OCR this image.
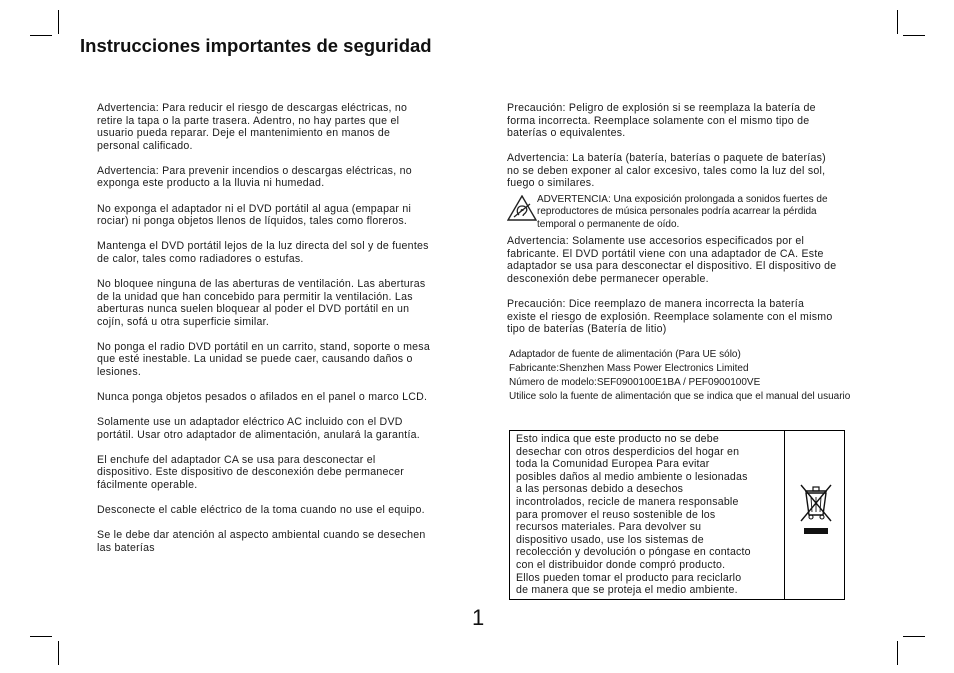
Instrucciones importantes de seguridad

Advertencia: Para reducir el riesgo de descargas eléctricas, no
retire la tapa o la parte trasera. Adentro, no hay partes que el
usuario pueda reparar. Deje el mantenimiento en manos de
personal calificado.

Advertencia: Para prevenir incendios o descargas eléctricas, no
exponga este producto a la lluvia ni humedad.

No exponga el adaptador ni el DVD portátil al agua (empapar ni
rociar) ni ponga objetos llenos de líquidos, tales como floreros.

Mantenga el DVD portátil lejos de la luz directa del sol y de fuentes
de calor, tales como radiadores o estufas.

No bloquee ninguna de las aberturas de ventilación. Las aberturas
de la unidad que han concebido para permitir la ventilación. Las
aberturas nunca suelen bloquear al poder el DVD portátil en un
cojín, sofá u otra superficie similar.

No ponga el radio DVD portátil en un carrito, stand, soporte o mesa
que esté inestable. La unidad se puede caer, causando daños o
lesiones.

Nunca ponga objetos pesados o afilados en el panel o marco LCD.

Solamente use un adaptador eléctrico AC incluido con el DVD
portátil. Usar otro adaptador de alimentación, anulará la garantía.

El enchufe del adaptador CA se usa para desconectar el
dispositivo. Este dispositivo de desconexión debe permanecer
fácilmente operable.

Desconecte el cable eléctrico de la toma cuando no use el equipo.

Se le debe dar atención al aspecto ambiental cuando se desechen
las baterías

Precaución: Peligro de explosión si se reemplaza la batería de
forma incorrecta. Reemplace solamente con el mismo tipo de
baterías o equivalentes.

Advertencia: La batería (batería, baterías o paquete de baterías)
no se deben exponer al calor excesivo, tales como la luz del sol,
fuego o similares.

ADVERTENCIA: Una exposición prolongada a sonidos fuertes de
reproductores de música personales podría acarrear la pérdida
temporal o permanente de oído.

Advertencia: Solamente use accesorios especificados por el
fabricante. El DVD portátil viene con una adaptador de CA. Este
adaptador se usa para desconectar el dispositivo. El dispositivo de
desconexión debe permanecer operable.

Precaución: Dice reemplazo de manera incorrecta la batería
existe el riesgo de explosión. Reemplace solamente con el mismo
tipo de baterías (Batería de litio)

Adaptador de fuente de alimentación (Para UE sólo)
Fabricante:Shenzhen Mass Power Electronics Limited
Número de modelo:SEF0900100E1BA / PEF0900100VE
Utilice solo la fuente de alimentación que se indica que el manual del usuario
Esto indica que este producto no se debe
desechar con otros desperdicios del hogar en
toda la Comunidad Europea Para evitar
posibles daños al medio ambiente o lesionadas
a las personas debido a desechos
incontrolados, recicle de manera responsable
para promover el reuso sostenible de los
recursos materiales. Para devolver su
dispositivo usado, use los sistemas de
recolección y devolución o póngase en contacto
con el distribuidor donde compró producto.
Ellos pueden tomar el producto para reciclarlo
de manera que se proteja el medio ambiente.
1
